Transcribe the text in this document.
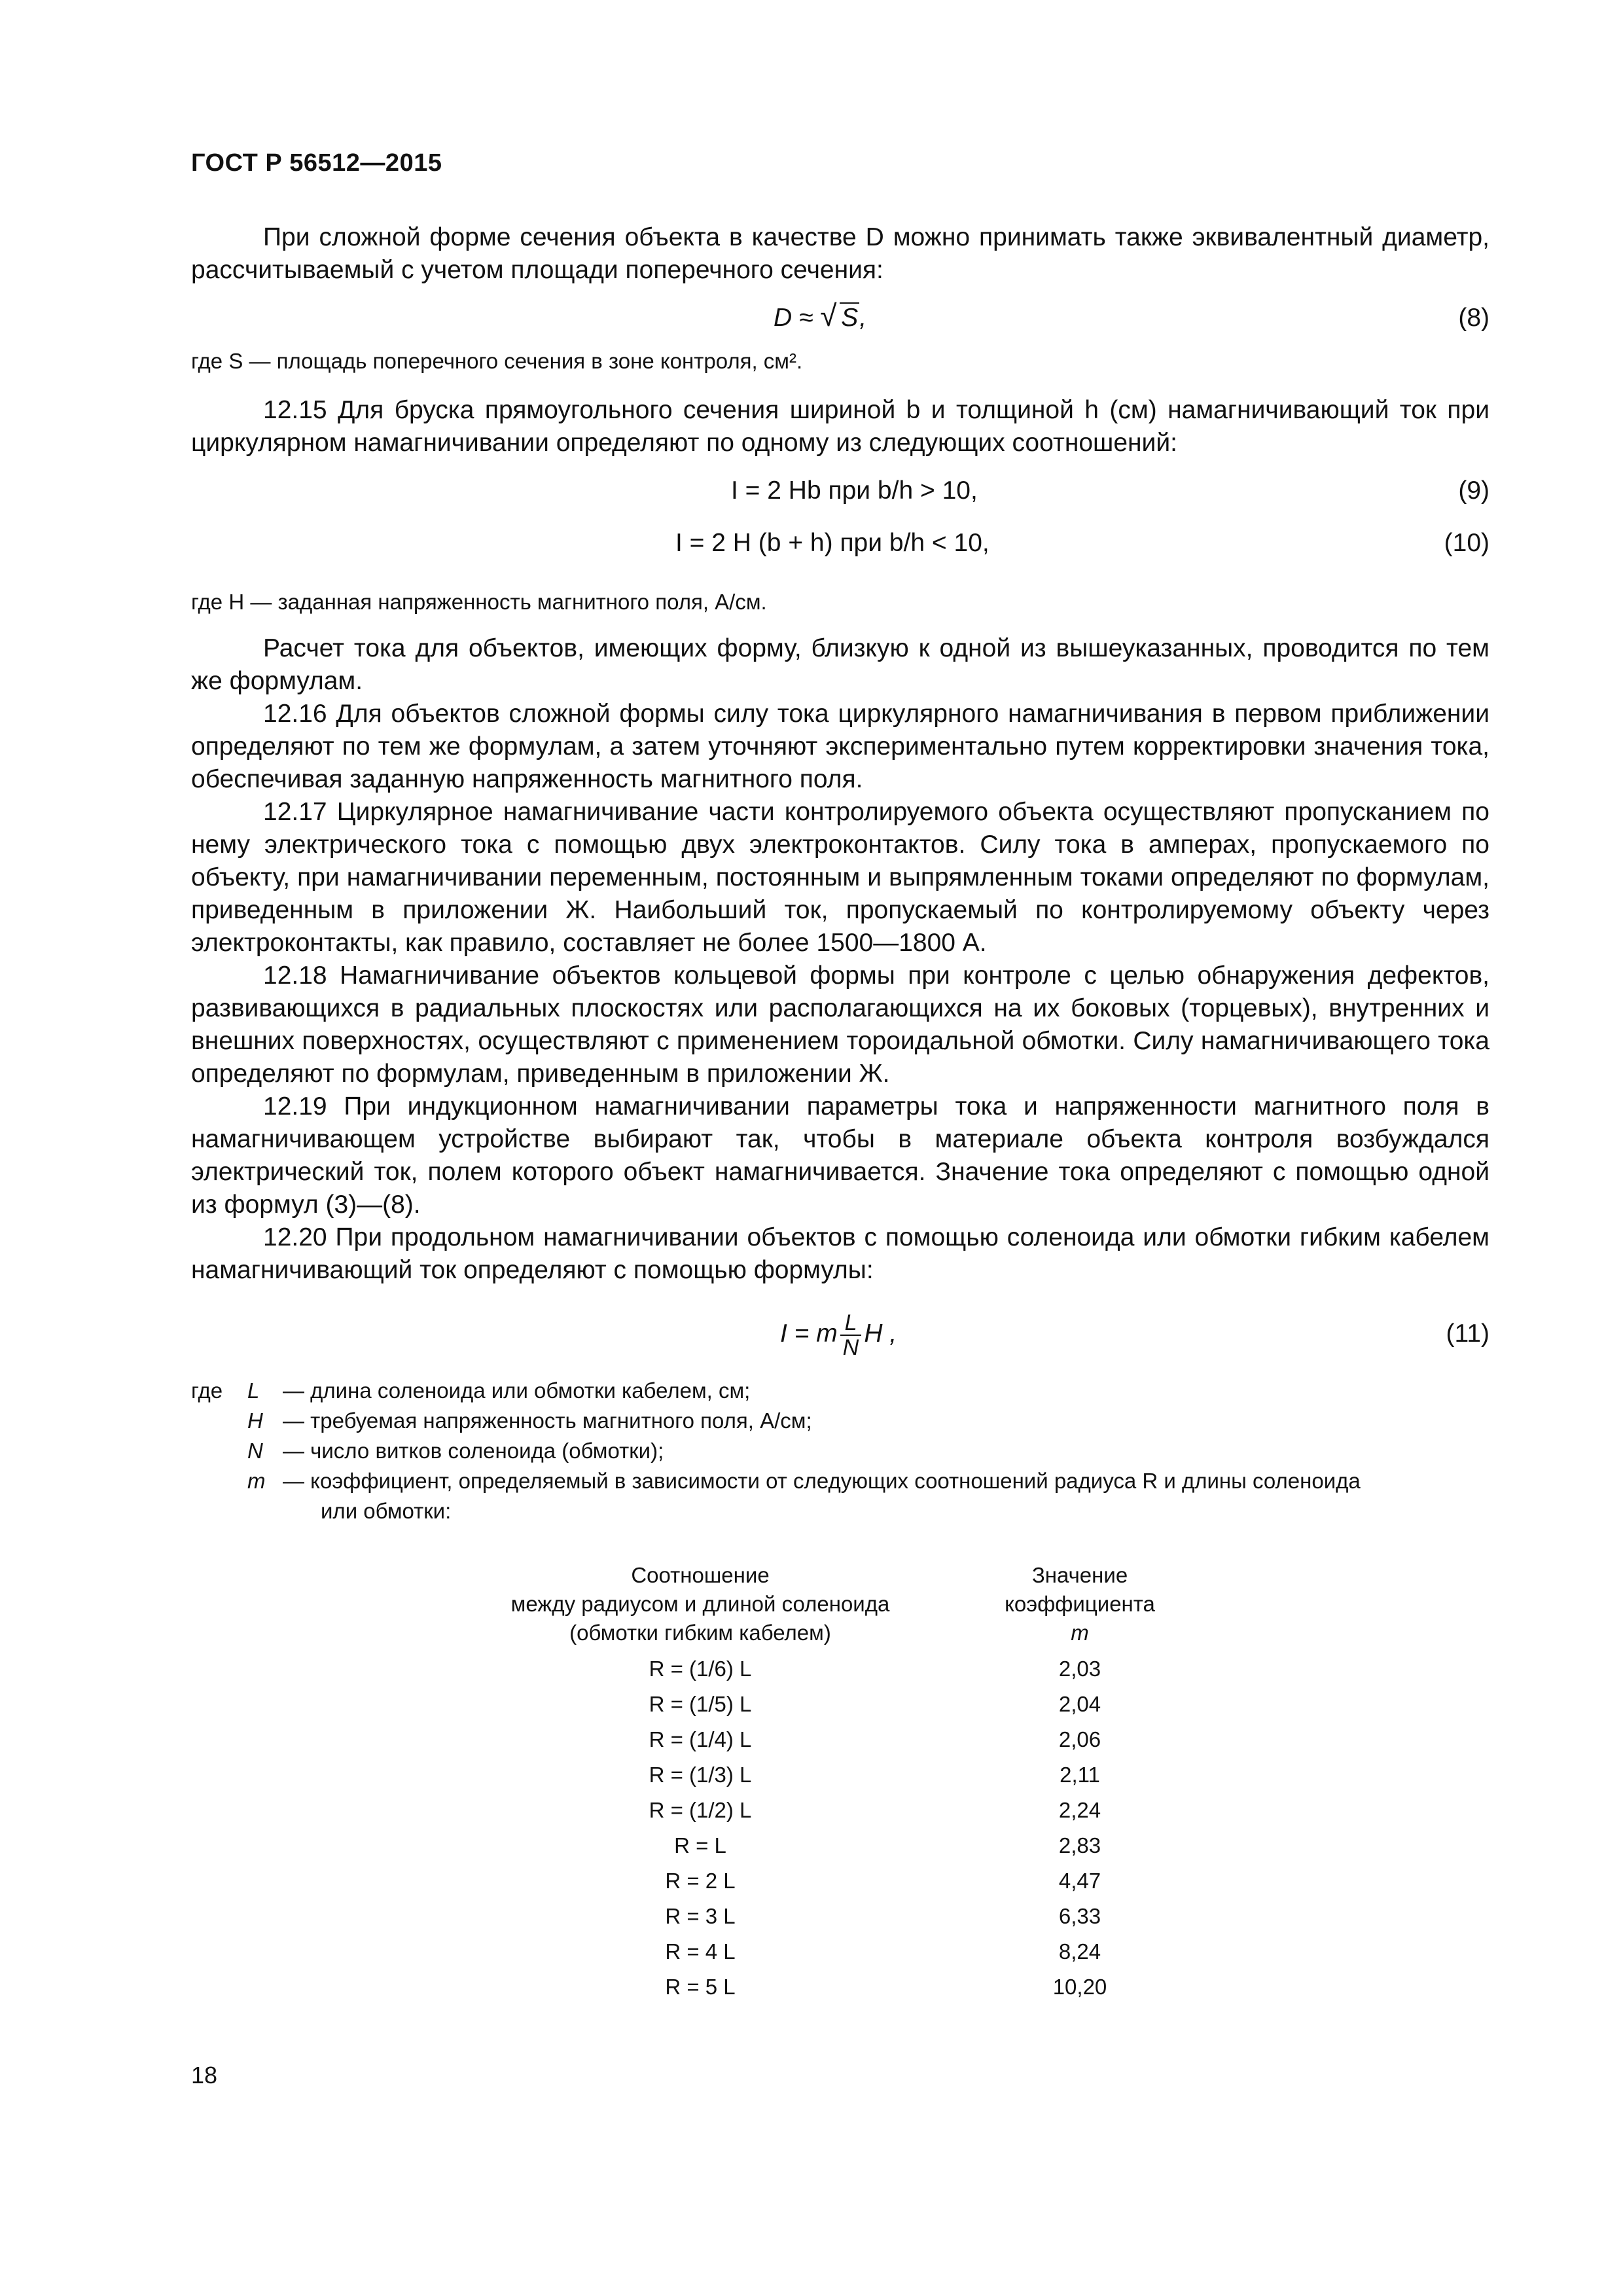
ГОСТ Р 56512—2015

При сложной форме сечения объекта в качестве D можно принимать также эквивалентный диаметр, рассчитываемый с учетом площади поперечного сечения:

D ≈ √ S,	(8)
где S — площадь поперечного сечения в зоне контроля, см².

12.15 Для бруска прямоугольного сечения шириной b и толщиной h (см) намагничивающий ток при циркулярном намагничивании определяют по одному из следующих соотношений:

I = 2 Hb при b/h > 10,	(9)
I = 2 H (b + h) при b/h < 10,	(10)
где H — заданная напряженность магнитного поля, А/см.

Расчет тока для объектов, имеющих форму, близкую к одной из вышеуказанных, проводится по тем же формулам.

12.16 Для объектов сложной формы силу тока циркулярного намагничивания в первом приближении определяют по тем же формулам, а затем уточняют экспериментально путем корректировки значения тока, обеспечивая заданную напряженность магнитного поля.

12.17 Циркулярное намагничивание части контролируемого объекта осуществляют пропусканием по нему электрического тока с помощью двух электроконтактов. Силу тока в амперах, пропускаемого по объекту, при намагничивании переменным, постоянным и выпрямленным токами определяют по формулам, приведенным в приложении Ж. Наибольший ток, пропускаемый по контролируемому объекту через электроконтакты, как правило, составляет не более 1500—1800 А.

12.18 Намагничивание объектов кольцевой формы при контроле с целью обнаружения дефектов, развивающихся в радиальных плоскостях или располагающихся на их боковых (торцевых), внутренних и внешних поверхностях, осуществляют с применением тороидальной обмотки. Силу намагничивающего тока определяют по формулам, приведенным в приложении Ж.

12.19 При индукционном намагничивании параметры тока и напряженности магнитного поля в намагничивающем устройстве выбирают так, чтобы в материале объекта контроля возбуждался электрический ток, полем которого объект намагничивается. Значение тока определяют с помощью одной из формул (3)—(8).

12.20 При продольном намагничивании объектов с помощью соленоида или обмотки гибким кабелем намагничивающий ток определяют с помощью формулы:

I = m $\frac{L}{N}$ H ,	(11)
где L — длина соленоида или обмотки кабелем, см;
H — требуемая напряженность магнитного поля, А/см;
N — число витков соленоида (обмотки);
m — коэффициент, определяемый в зависимости от следующих соотношений радиуса R и длины соленоида
или обмотки:
Соотношение
между радиусом и длиной соленоида
(обмотки гибким кабелем)
Значение
коэффициента
m
R = (1/6) L	2,03
R = (1/5) L	2,04
R = (1/4) L	2,06
R = (1/3) L	2,11
R = (1/2) L	2,24
R = L	2,83
R = 2 L	4,47
R = 3 L	6,33
R = 4 L	8,24
R = 5 L	10,20
18
